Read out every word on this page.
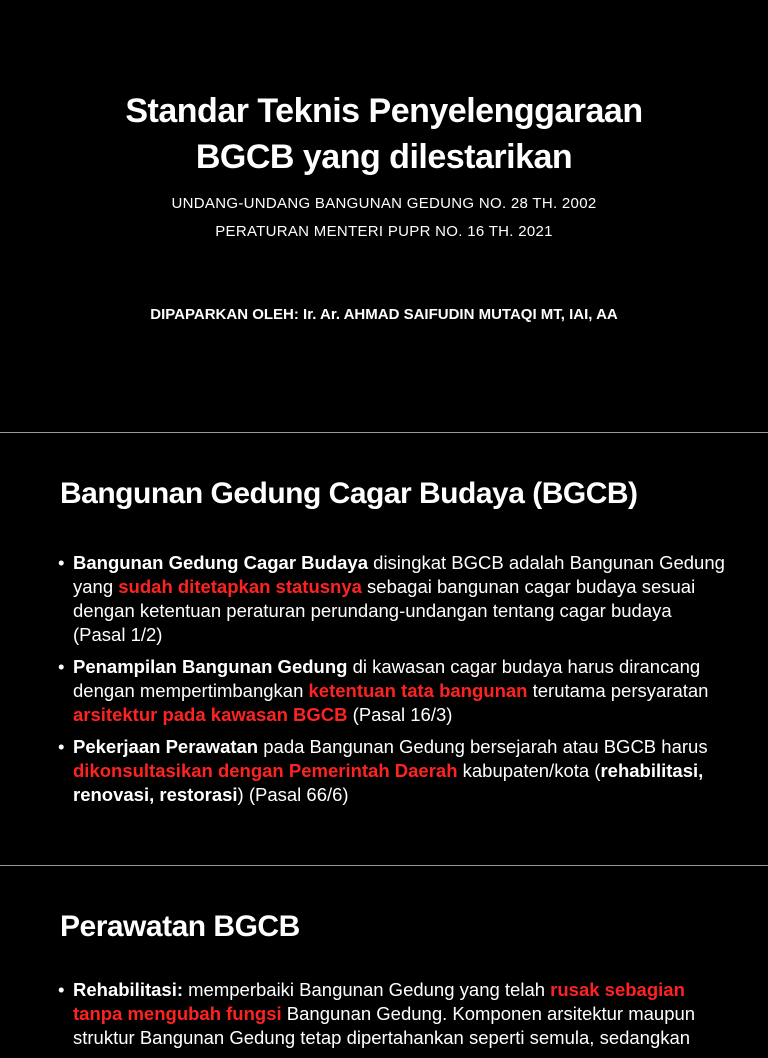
Standar Teknis Penyelenggaraan
BGCB yang dilestarikan
UNDANG-UNDANG BANGUNAN GEDUNG NO. 28 TH. 2002
PERATURAN MENTERI PUPR NO. 16 TH. 2021
DIPAPARKAN OLEH: Ir. Ar. AHMAD SAIFUDIN MUTAQI MT, IAI, AA
Bangunan Gedung Cagar Budaya (BGCB)
• Bangunan Gedung Cagar Budaya disingkat BGCB adalah Bangunan Gedung yang sudah ditetapkan statusnya sebagai bangunan cagar budaya sesuai dengan ketentuan peraturan perundang-undangan tentang cagar budaya (Pasal 1/2)
• Penampilan Bangunan Gedung di kawasan cagar budaya harus dirancang dengan mempertimbangkan ketentuan tata bangunan terutama persyaratan arsitektur pada kawasan BGCB (Pasal 16/3)
• Pekerjaan Perawatan pada Bangunan Gedung bersejarah atau BGCB harus dikonsultasikan dengan Pemerintah Daerah kabupaten/kota (rehabilitasi, renovasi, restorasi) (Pasal 66/6)
Perawatan BGCB
• Rehabilitasi: memperbaiki Bangunan Gedung yang telah rusak sebagian tanpa mengubah fungsi Bangunan Gedung. Komponen arsitektur maupun struktur Bangunan Gedung tetap dipertahankan seperti semula, sedangkan
